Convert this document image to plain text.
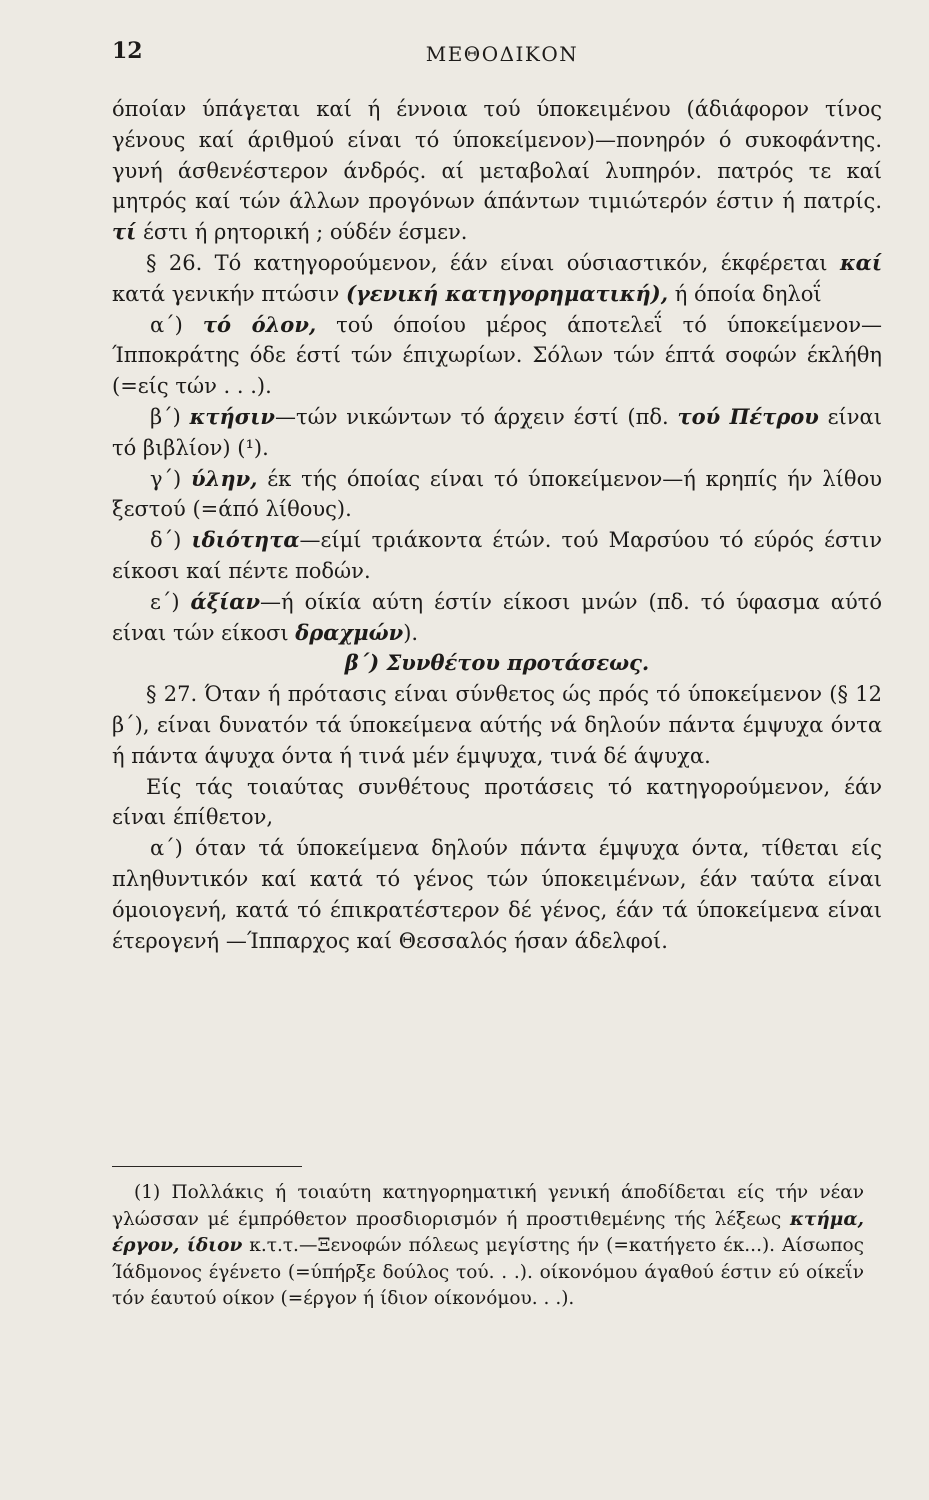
12	ΜΕΘΟΔΙΚΟΝ

όποίαν ύπάγεται καί ή έννοια τού ύποκειμένου (άδιάφορον τίνος γένους καί άριθμού είναι τό ύποκείμενον)—πονηρόν ό συκοφάντης. γυνή άσθενέστερον άνδρός. αί μεταβολαί λυπηρόν. πατρός τε καί μητρός καί τών άλλων προγόνων άπάντων τιμιώτερόν έστιν ή πατρίς. τί έστι ή ρητορική ; ούδέν έσμεν.

§ 26. Τό κατηγορούμενον, έάν είναι ούσιαστικόν, έκφέρεται καί κατά γενικήν πτώσιν (γενική κατηγορηματική), ή όποία δηλοΐ

α΄) τό όλον, τού όποίου μέρος άποτελεΐ τό ύποκείμενον—Ίπποκράτης όδε έστί τών έπιχωρίων. Σόλων τών έπτά σοφών έκλήθη (=είς τών . . .).

β΄) κτήσιν—τών νικώντων τό άρχειν έστί (πδ. τού Πέτρου είναι τό βιβλίον) (¹).

γ΄) ύλην, έκ τής όποίας είναι τό ύποκείμενον—ή κρηπίς ήν λίθου ξεστού (=άπό λίθους).

δ΄) ιδιότητα—είμί τριάκοντα έτών. τού Μαρσύου τό εύρός έστιν είκοσι καί πέντε ποδών.

ε΄) άξίαν—ή οίκία αύτη έστίν είκοσι μνών (πδ. τό ύφασμα αύτό είναι τών είκοσι δραχμών).

β΄) Συνθέτου προτάσεως.

§ 27. Όταν ή πρότασις είναι σύνθετος ώς πρός τό ύποκείμενον (§ 12 β΄), είναι δυνατόν τά ύποκείμενα αύτής νά δηλούν πάντα έμψυχα όντα ή πάντα άψυχα όντα ή τινά μέν έμψυχα, τινά δέ άψυχα.

Είς τάς τοιαύτας συνθέτους προτάσεις τό κατηγορούμενον, έάν είναι έπίθετον,

α΄) όταν τά ύποκείμενα δηλούν πάντα έμψυχα όντα, τίθεται είς πληθυντικόν καί κατά τό γένος τών ύποκειμένων, έάν ταύτα είναι όμοιογενή, κατά τό έπικρατέστερον δέ γένος, έάν τά ύποκείμενα είναι έτερογενή —Ίππαρχος καί Θεσσαλός ήσαν άδελφοί.

(1) Πολλάκις ή τοιαύτη κατηγορηματική γενική άποδίδεται είς τήν νέαν γλώσσαν μέ έμπρόθετον προσδιορισμόν ή προστιθεμένης τής λέξεως κτήμα, έργον, ίδιον κ.τ.τ.—Ξενοφών πόλεως μεγίστης ήν (=κατήγετο έκ...). Αίσωπος Ίάδμονος έγένετο (=ύπήρξε δούλος τού. . .). οίκονόμου άγαθού έστιν εύ οίκεΐν τόν έαυτού οίκον (=έργον ή ίδιον οίκονόμου. . .).
